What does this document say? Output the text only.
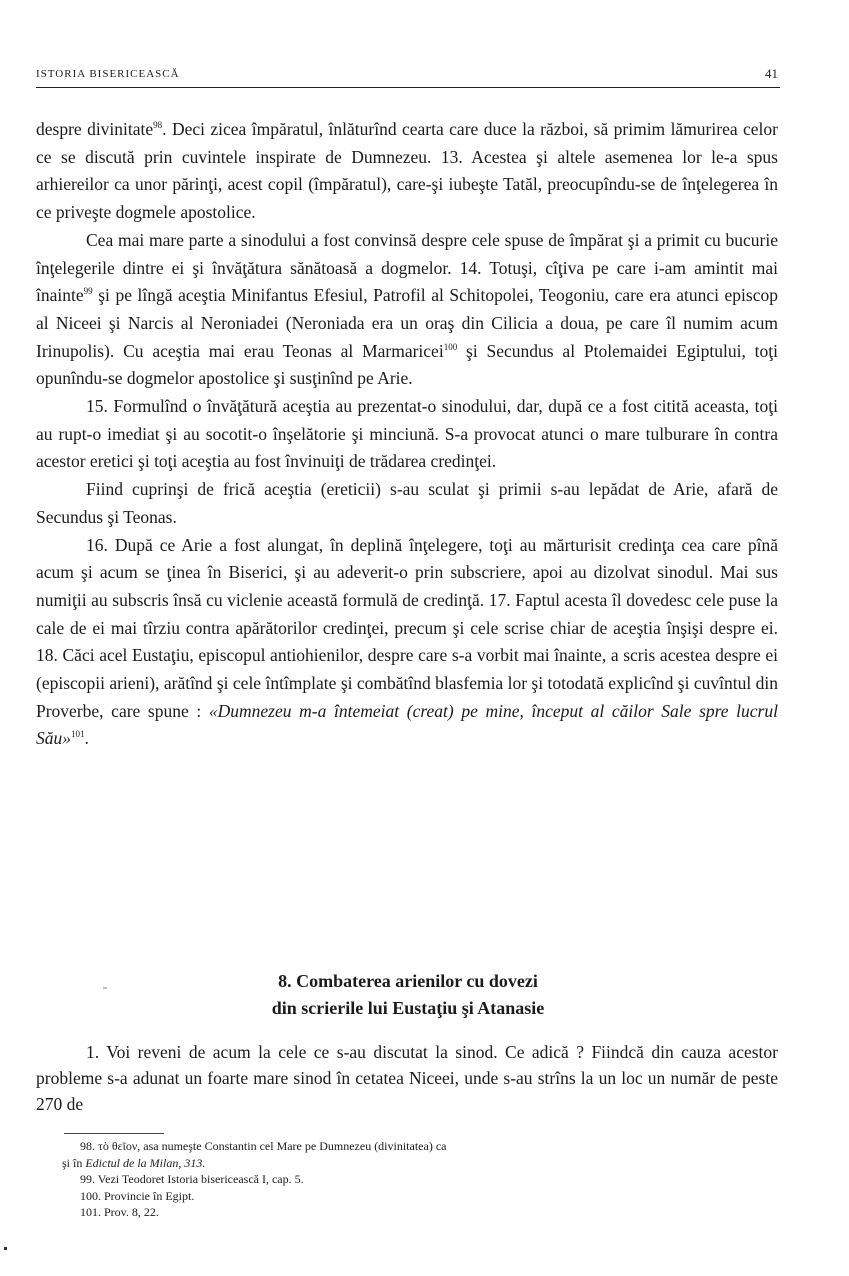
ISTORIA BISERICEASCĂ	41

despre divinitate$^{98}$. Deci zicea împăratul, înlăturînd cearta care duce la război, să primim lămurirea celor ce se discută prin cuvintele inspirate de Dumnezeu. 13. Acestea şi altele asemenea lor le-a spus arhiereilor ca unor părinţi, acest copil (împăratul), care-şi iubeşte Tatăl, preocupîndu-se de înţelegerea în ce priveşte dogmele apostolice.

Cea mai mare parte a sinodului a fost convinsă despre cele spuse de împărat şi a primit cu bucurie înţelegerile dintre ei şi învăţătura sănătoasă a dogmelor. 14. Totuşi, cîţiva pe care i-am amintit mai înainte$^{99}$ şi pe lîngă aceştia Minifantus Efesiul, Patrofil al Schitopolei, Teogoniu, care era atunci episcop al Niceei şi Narcis al Neroniadei (Neroniada era un oraş din Cilicia a doua, pe care îl numim acum Irinupolis). Cu aceştia mai erau Teonas al Marmaricei$^{100}$ şi Secundus al Ptolemaidei Egiptului, toţi opunîndu-se dogmelor apostolice şi susţinînd pe Arie.

15. Formulînd o învăţătură aceştia au prezentat-o sinodului, dar, după ce a fost citită aceasta, toţi au rupt-o imediat şi au socotit-o înşelătorie şi minciună. S-a provocat atunci o mare tulburare în contra acestor eretici şi toţi aceştia au fost învinuiţi de trădarea credinţei.

Fiind cuprinşi de frică aceştia (ereticii) s-au sculat şi primii s-au lepădat de Arie, afară de Secundus şi Teonas.

16. După ce Arie a fost alungat, în deplină înţelegere, toţi au mărturisit credinţa cea care pînă acum şi acum se ţinea în Biserici, şi au adeverit-o prin subscriere, apoi au dizolvat sinodul. Mai sus numiţii au subscris însă cu viclenie această formulă de credinţă. 17. Faptul acesta îl dovedesc cele puse la cale de ei mai tîrziu contra apărătorilor credinţei, precum şi cele scrise chiar de aceştia înşişi despre ei. 18. Căci acel Eustaţiu, episcopul antiohienilor, despre care s-a vorbit mai înainte, a scris acestea despre ei (episcopii arieni), arătînd şi cele întîmplate şi combătînd blasfemia lor şi totodată explicînd şi cuvîntul din Proverbe, care spune : «Dumnezeu m-a întemeiat (creat) pe mine, început al căilor Sale spre lucrul Său»$^{101}$.

8. Combaterea arienilor cu dovezi
din scrierile lui Eustaţiu şi Atanasie

1. Voi reveni de acum la cele ce s-au discutat la sinod. Ce adică ? Fiindcă din cauza acestor probleme s-a adunat un foarte mare sinod în cetatea Niceei, unde s-au strîns la un loc un număr de peste 270 de

98. τὸ θεῖον, asa numeşte Constantin cel Mare pe Dumnezeu (divinitatea) ca

şi în Edictul de la Milan, 313.

99. Vezi Teodoret Istoria bisericească I, cap. 5.

100. Provincie în Egipt.

101. Prov. 8, 22.
